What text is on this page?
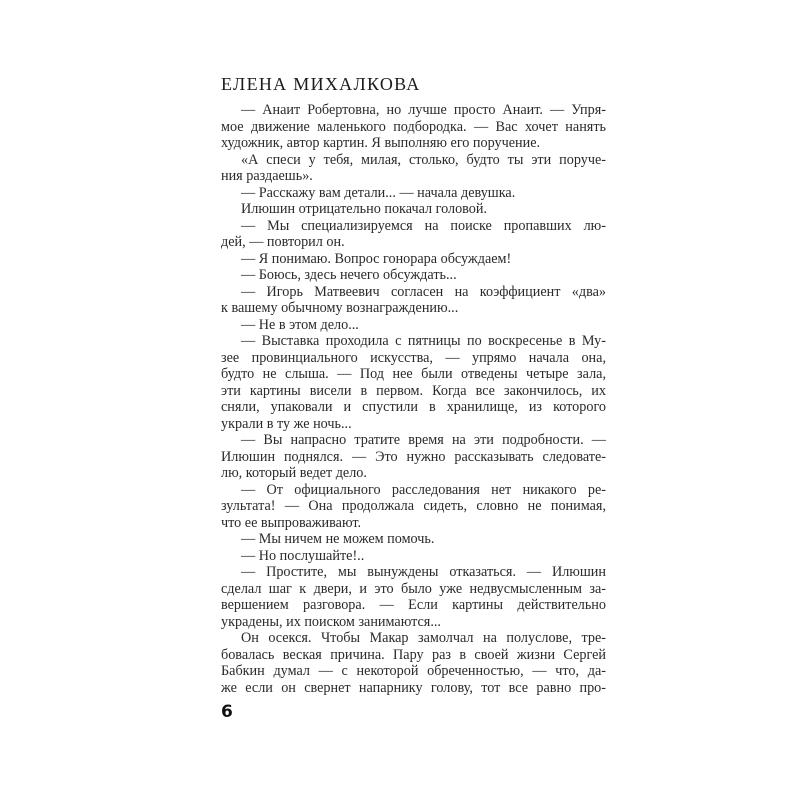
ЕЛЕНА МИХАЛКОВА
— Анаит Робертовна, но лучше просто Анаит. — Упря-
мое движение маленького подбородка. — Вас хочет нанять
художник, автор картин. Я выполняю его поручение.
«А спеси у тебя, милая, столько, будто ты эти поруче-
ния раздаешь».
— Расскажу вам детали... — начала девушка.
Илюшин отрицательно покачал головой.
— Мы специализируемся на поиске пропавших лю-
дей, — повторил он.
— Я понимаю. Вопрос гонорара обсуждаем!
— Боюсь, здесь нечего обсуждать...
— Игорь Матвеевич согласен на коэффициент «два»
к вашему обычному вознаграждению...
— Не в этом дело...
— Выставка проходила с пятницы по воскресенье в Му-
зее провинциального искусства, — упрямо начала она,
будто не слыша. — Под нее были отведены четыре зала,
эти картины висели в первом. Когда все закончилось, их
сняли, упаковали и спустили в хранилище, из которого
украли в ту же ночь...
— Вы напрасно тратите время на эти подробности. —
Илюшин поднялся. — Это нужно рассказывать следовате-
лю, который ведет дело.
— От официального расследования нет никакого ре-
зультата! — Она продолжала сидеть, словно не понимая,
что ее выпроваживают.
— Мы ничем не можем помочь.
— Но послушайте!..
— Простите, мы вынуждены отказаться. — Илюшин
сделал шаг к двери, и это было уже недвусмысленным за-
вершением разговора. — Если картины действительно
украдены, их поиском занимаются...
Он осекся. Чтобы Макар замолчал на полуслове, тре-
бовалась веская причина. Пару раз в своей жизни Сергей
Бабкин думал — с некоторой обреченностью, — что, да-
же если он свернет напарнику голову, тот все равно про-
6
